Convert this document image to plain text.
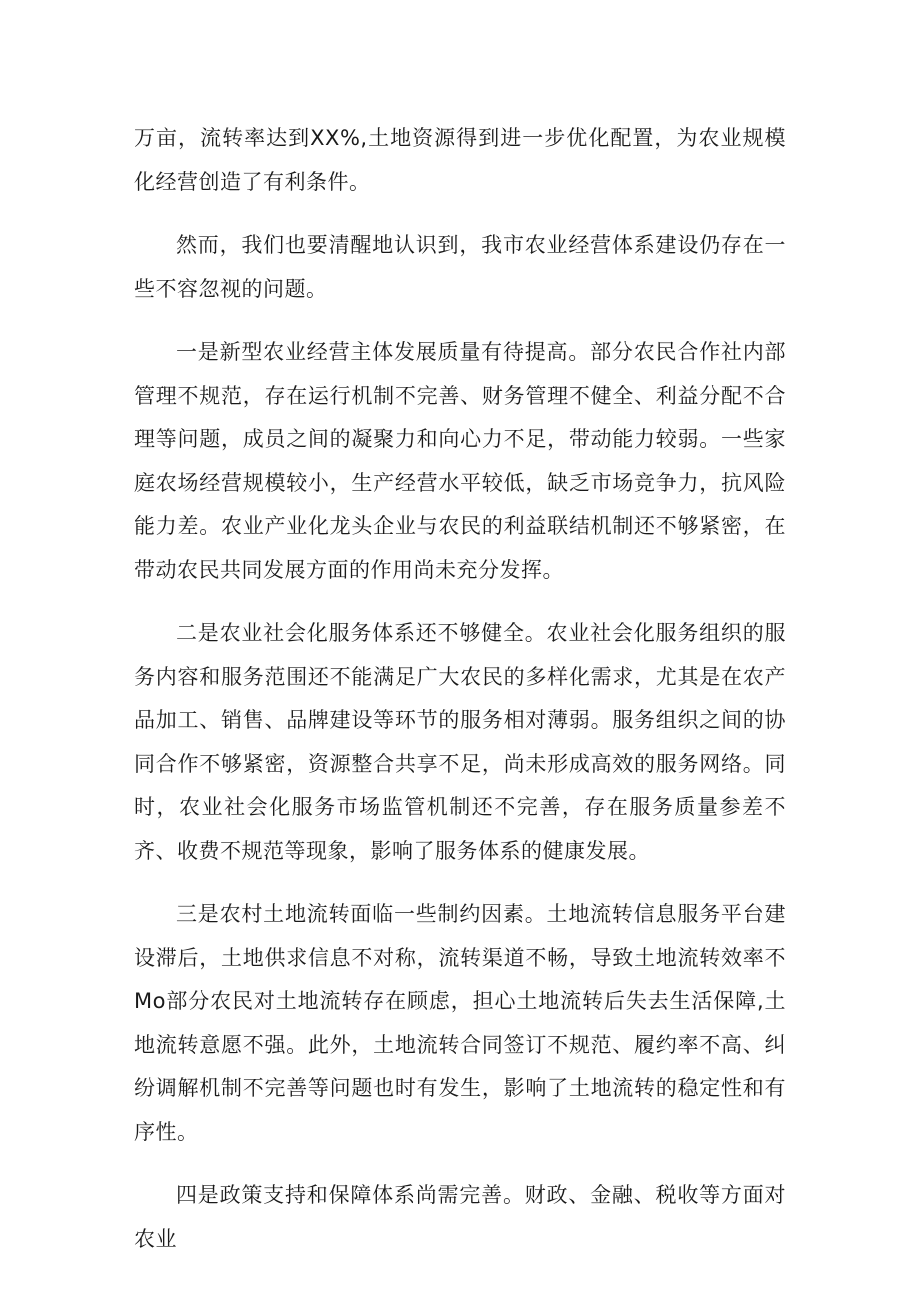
万亩，流转率达到XX%,土地资源得到进一步优化配置，为农业规模化经营创造了有利条件。

然而，我们也要清醒地认识到，我市农业经营体系建设仍存在一些不容忽视的问题。

一是新型农业经营主体发展质量有待提高。部分农民合作社内部管理不规范，存在运行机制不完善、财务管理不健全、利益分配不合理等问题，成员之间的凝聚力和向心力不足，带动能力较弱。一些家庭农场经营规模较小，生产经营水平较低，缺乏市场竞争力，抗风险能力差。农业产业化龙头企业与农民的利益联结机制还不够紧密，在带动农民共同发展方面的作用尚未充分发挥。

二是农业社会化服务体系还不够健全。农业社会化服务组织的服务内容和服务范围还不能满足广大农民的多样化需求，尤其是在农产品加工、销售、品牌建设等环节的服务相对薄弱。服务组织之间的协同合作不够紧密，资源整合共享不足，尚未形成高效的服务网络。同时，农业社会化服务市场监管机制还不完善，存在服务质量参差不齐、收费不规范等现象，影响了服务体系的健康发展。

三是农村土地流转面临一些制约因素。土地流转信息服务平台建设滞后，土地供求信息不对称，流转渠道不畅，导致土地流转效率不Mo部分农民对土地流转存在顾虑，担心土地流转后失去生活保障,土地流转意愿不强。此外，土地流转合同签订不规范、履约率不高、纠纷调解机制不完善等问题也时有发生，影响了土地流转的稳定性和有序性。

四是政策支持和保障体系尚需完善。财政、金融、税收等方面对农业
